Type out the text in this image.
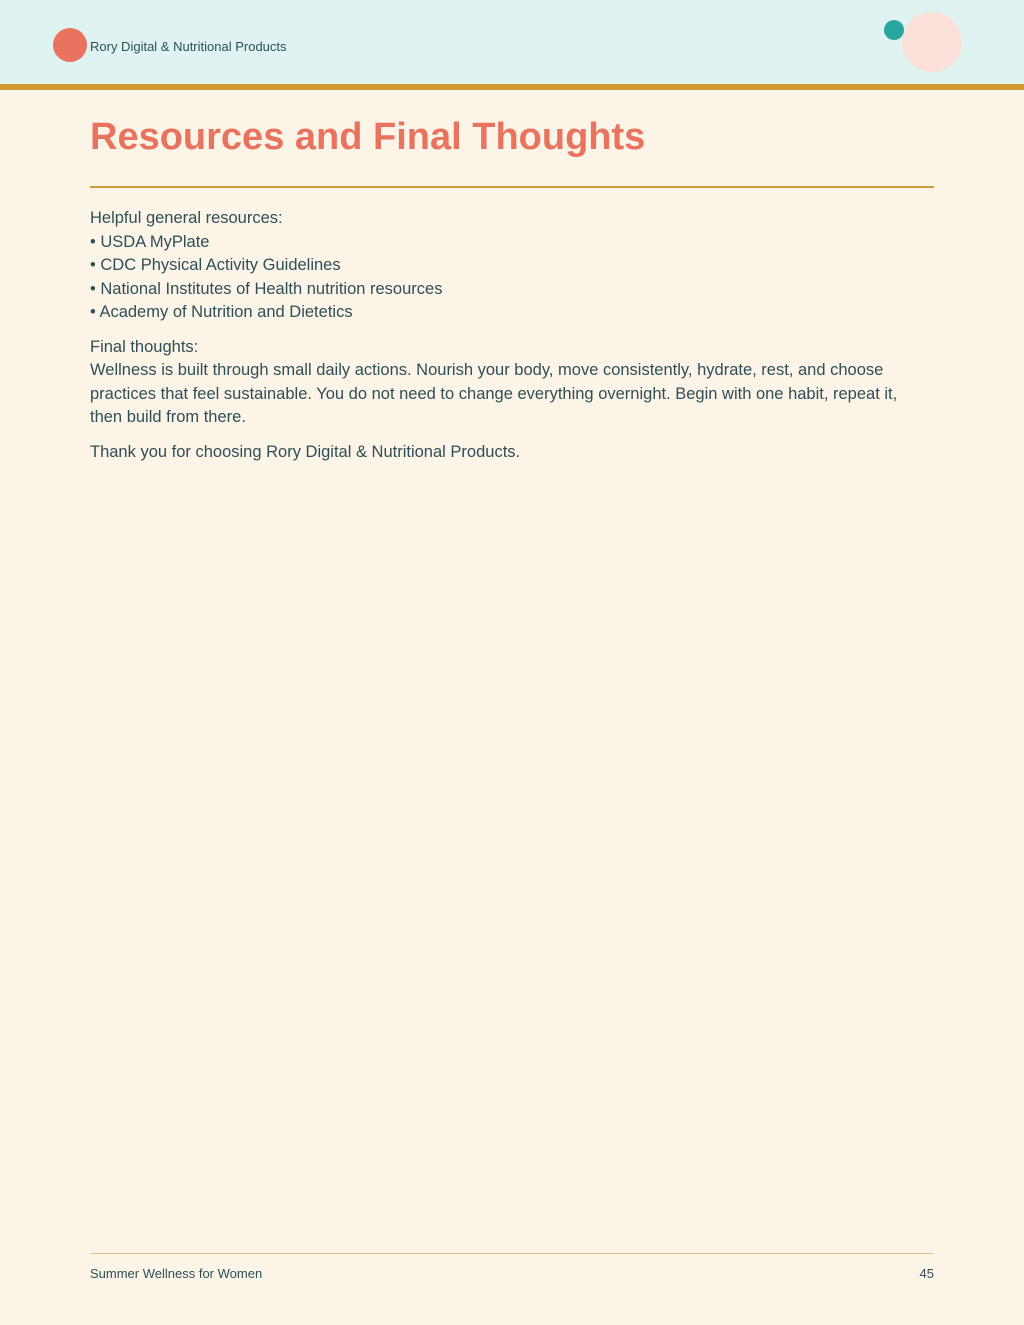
Rory Digital & Nutritional Products
Resources and Final Thoughts

Helpful general resources:

• USDA MyPlate
• CDC Physical Activity Guidelines
• National Institutes of Health nutrition resources
• Academy of Nutrition and Dietetics

Final thoughts:

Wellness is built through small daily actions. Nourish your body, move consistently, hydrate, rest, and choose practices that feel sustainable. You do not need to change everything overnight. Begin with one habit, repeat it, then build from there.

Thank you for choosing Rory Digital & Nutritional Products.

Summer Wellness for Women	45
